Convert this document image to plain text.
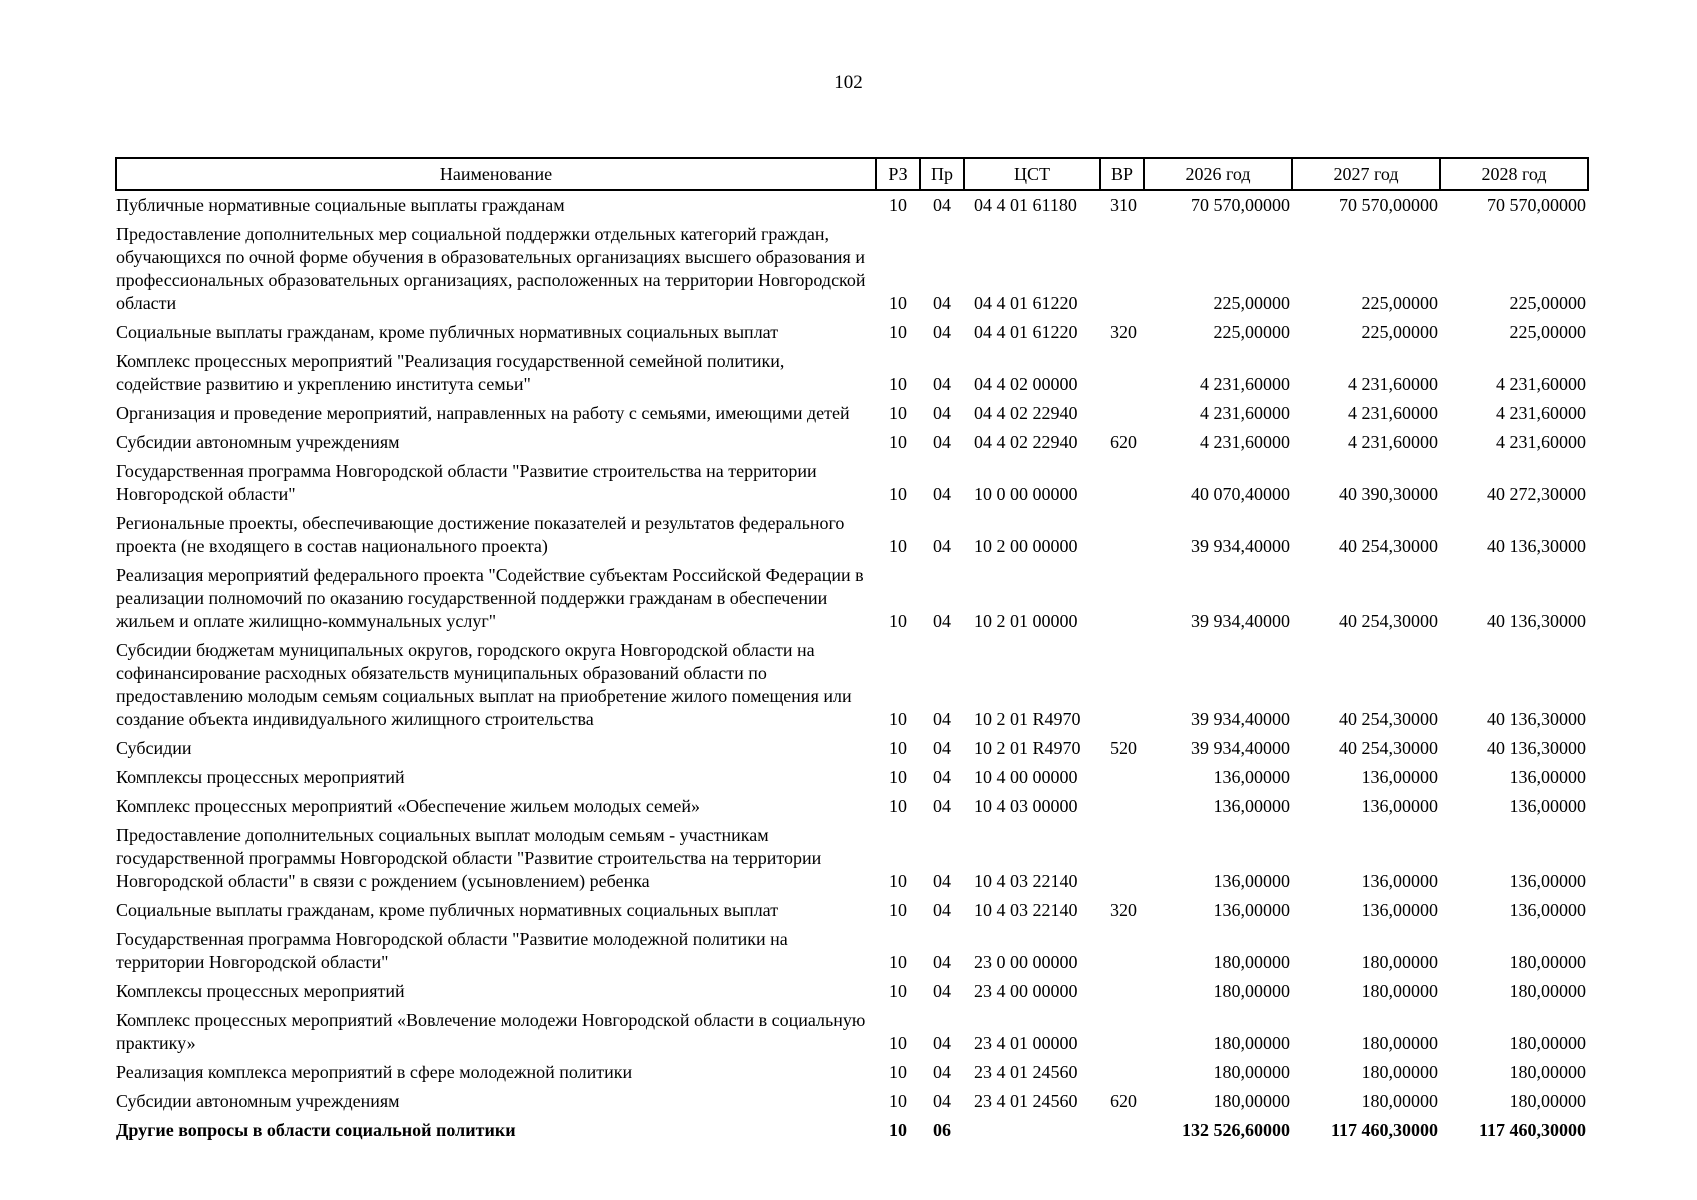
102
Наименование	РЗ	Пр	ЦСТ	ВР	2026 год	2027 год	2028 год
Публичные нормативные социальные выплаты гражданам	10	04	04 4 01 61180	310	70 570,00000	70 570,00000	70 570,00000
Предоставление дополнительных мер социальной поддержки отдельных категорий граждан, обучающихся по очной форме обучения в образовательных организациях высшего образования и профессиональных образовательных организациях, расположенных на территории Новгородской области	10	04	04 4 01 61220		225,00000	225,00000	225,00000
Социальные выплаты гражданам, кроме публичных нормативных социальных выплат	10	04	04 4 01 61220	320	225,00000	225,00000	225,00000
Комплекс процессных мероприятий "Реализация государственной семейной политики, содействие развитию и укреплению института семьи"	10	04	04 4 02 00000		4 231,60000	4 231,60000	4 231,60000
Организация и проведение мероприятий, направленных на работу с семьями, имеющими детей	10	04	04 4 02 22940		4 231,60000	4 231,60000	4 231,60000
Субсидии автономным учреждениям	10	04	04 4 02 22940	620	4 231,60000	4 231,60000	4 231,60000
Государственная программа Новгородской области "Развитие строительства на территории Новгородской области"	10	04	10 0 00 00000		40 070,40000	40 390,30000	40 272,30000
Региональные проекты, обеспечивающие достижение показателей и результатов федерального проекта (не входящего в состав национального проекта)	10	04	10 2 00 00000		39 934,40000	40 254,30000	40 136,30000
Реализация мероприятий федерального проекта "Содействие субъектам Российской Федерации в реализации полномочий по оказанию государственной поддержки гражданам в обеспечении жильем и оплате жилищно-коммунальных услуг"	10	04	10 2 01 00000		39 934,40000	40 254,30000	40 136,30000
Субсидии бюджетам муниципальных округов, городского округа Новгородской области на софинансирование расходных обязательств муниципальных образований области по предоставлению молодым семьям социальных выплат на приобретение жилого помещения или создание объекта индивидуального жилищного строительства	10	04	10 2 01 R4970		39 934,40000	40 254,30000	40 136,30000
Субсидии	10	04	10 2 01 R4970	520	39 934,40000	40 254,30000	40 136,30000
Комплексы процессных мероприятий	10	04	10 4 00 00000		136,00000	136,00000	136,00000
Комплекс процессных мероприятий «Обеспечение жильем молодых семей»	10	04	10 4 03 00000		136,00000	136,00000	136,00000
Предоставление дополнительных социальных выплат молодым семьям - участникам государственной программы Новгородской области "Развитие строительства на территории Новгородской области" в связи с рождением (усыновлением) ребенка	10	04	10 4 03 22140		136,00000	136,00000	136,00000
Социальные выплаты гражданам, кроме публичных нормативных социальных выплат	10	04	10 4 03 22140	320	136,00000	136,00000	136,00000
Государственная программа Новгородской области "Развитие молодежной политики на территории Новгородской области"	10	04	23 0 00 00000		180,00000	180,00000	180,00000
Комплексы процессных мероприятий	10	04	23 4 00 00000		180,00000	180,00000	180,00000
Комплекс процессных мероприятий «Вовлечение молодежи Новгородской области в социальную практику»	10	04	23 4 01 00000		180,00000	180,00000	180,00000
Реализация комплекса мероприятий в сфере молодежной политики	10	04	23 4 01 24560		180,00000	180,00000	180,00000
Субсидии автономным учреждениям	10	04	23 4 01 24560	620	180,00000	180,00000	180,00000
Другие вопросы в области социальной политики	10	06			132 526,60000	117 460,30000	117 460,30000
